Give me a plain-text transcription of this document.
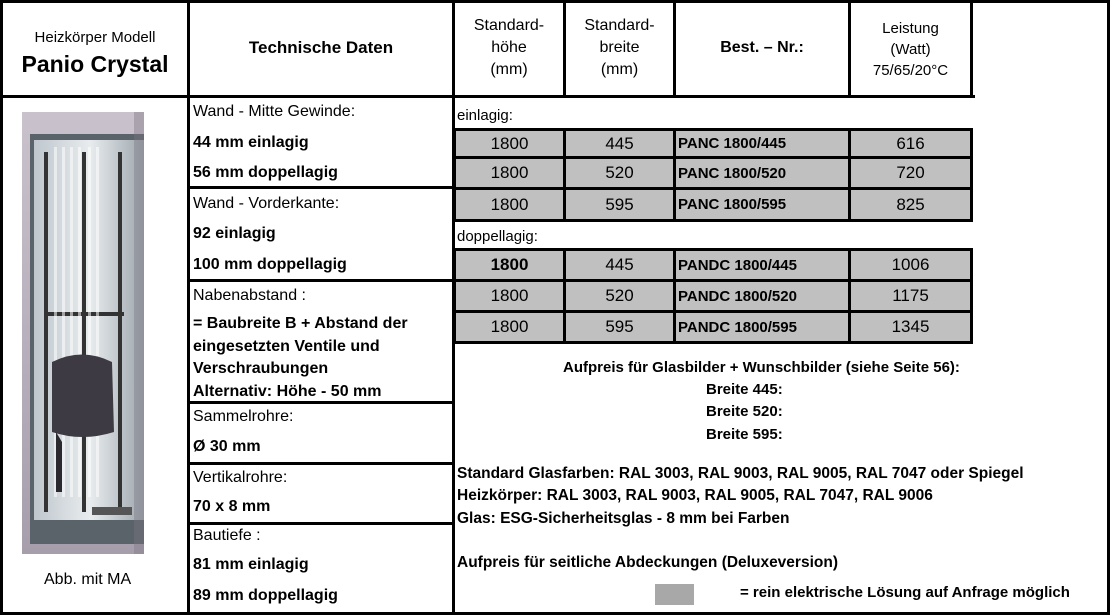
Heizkörper Modell
Panio Crystal
Technische Daten
Standard-
höhe
(mm)
Standard-
breite
(mm)
Best. – Nr.:
Leistung
(Watt)
75/65/20°C
Abb. mit MA
Wand - Mitte Gewinde:
44 mm einlagig
56 mm doppellagig
Wand - Vorderkante:
92 einlagig
100 mm doppellagig
Nabenabstand :
= Baubreite B + Abstand der
eingesetzten Ventile und
Verschraubungen
Alternativ: Höhe - 50 mm
Sammelrohre:
Ø 30 mm
Vertikalrohre:
70 x 8 mm
Bautiefe :
81 mm einlagig
89 mm doppellagig
einlagig:
1800	445	PANC 1800/445	616
1800	520	PANC 1800/520	720
1800	595	PANC 1800/595	825
doppellagig:
1800	445	PANDC 1800/445	1006
1800	520	PANDC 1800/520	1175
1800	595	PANDC 1800/595	1345
Aufpreis für Glasbilder + Wunschbilder (siehe Seite 56):
Breite 445:
Breite 520:
Breite 595:
Standard Glasfarben: RAL 3003, RAL 9003, RAL 9005, RAL 7047 oder Spiegel
Heizkörper: RAL 3003, RAL 9003, RAL 9005, RAL 7047, RAL 9006
Glas: ESG-Sicherheitsglas - 8 mm bei Farben
Aufpreis für seitliche Abdeckungen (Deluxeversion)
= rein elektrische Lösung auf Anfrage möglich
